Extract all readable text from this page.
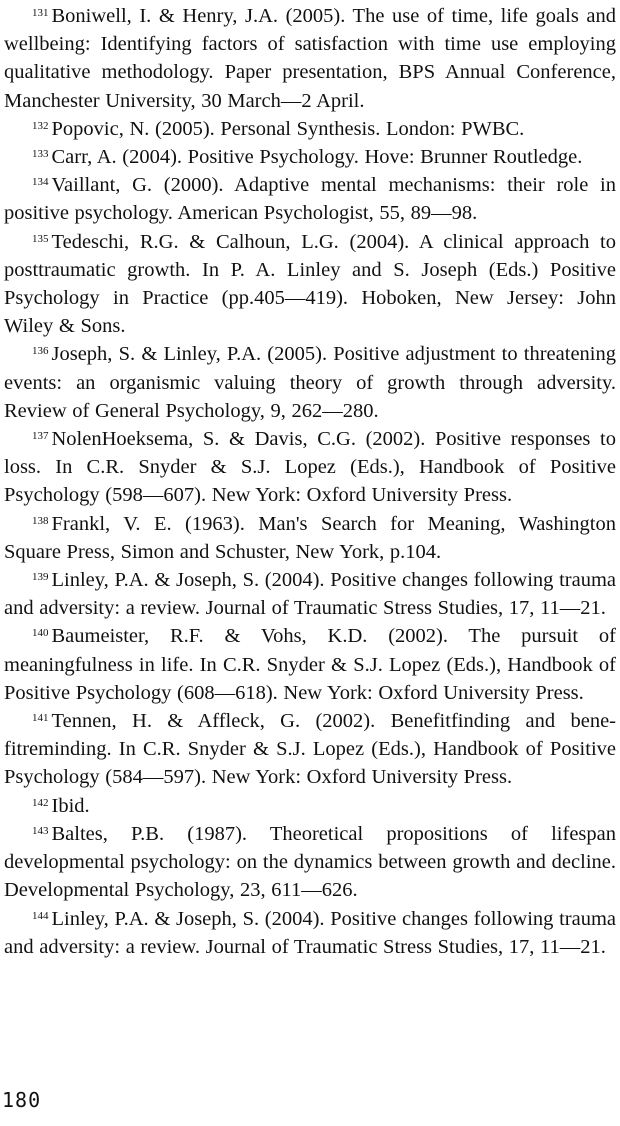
$^{131}$ Boniwell, I. & Henry, J.A. (2005). The use of time, life goals and wellbeing: Identifying factors of satisfaction with time use employing qualitative methodology. Paper presentation, BPS Annual Conference, Manchester University, 30 March—2 April.

$^{132}$ Popovic, N. (2005). Personal Synthesis. London: PWBC.

$^{133}$ Carr, A. (2004). Positive Psychology. Hove: Brunner Routledge.

$^{134}$ Vaillant, G. (2000). Adaptive mental mechanisms: their role in positive psychology. American Psychologist, 55, 89—98.

$^{135}$ Tedeschi, R.G. & Calhoun, L.G. (2004). A clinical approach to posttraumatic growth. In P. A. Linley and S. Joseph (Eds.) Positive Psychology in Practice (pp.405—419). Hoboken, New Jersey: John Wiley & Sons.

$^{136}$ Joseph, S. & Linley, P.A. (2005). Positive adjustment to threatening events: an organismic valuing theory of growth through adversity. Review of General Psychology, 9, 262—280.

$^{137}$ NolenHoeksema, S. & Davis, C.G. (2002). Positive responses to loss. In C.R. Snyder & S.J. Lopez (Eds.), Handbook of Positive Psychology (598—607). New York: Oxford University Press.

$^{138}$ Frankl, V. E. (1963). Man's Search for Meaning, Washington Square Press, Simon and Schuster, New York, p.104.

$^{139}$ Linley, P.A. & Joseph, S. (2004). Positive changes following trauma and adversity: a review. Journal of Traumatic Stress Studies, 17, 11—21.

$^{140}$ Baumeister, R.F. & Vohs, K.D. (2002). The pursuit of meaningfulness in life. In C.R. Snyder & S.J. Lopez (Eds.), Handbook of Positive Psychology (608—618). New York: Oxford University Press.

$^{141}$ Tennen, H. & Affleck, G. (2002). Benefitfinding and bene-fitreminding. In C.R. Snyder & S.J. Lopez (Eds.), Handbook of Positive Psychology (584—597). New York: Oxford University Press.

$^{142}$ Ibid.

$^{143}$ Baltes, P.B. (1987). Theoretical propositions of lifespan developmental psychology: on the dynamics between growth and decline. Developmental Psychology, 23, 611—626.

$^{144}$ Linley, P.A. & Joseph, S. (2004). Positive changes following trauma and adversity: a review. Journal of Traumatic Stress Studies, 17, 11—21.

180
